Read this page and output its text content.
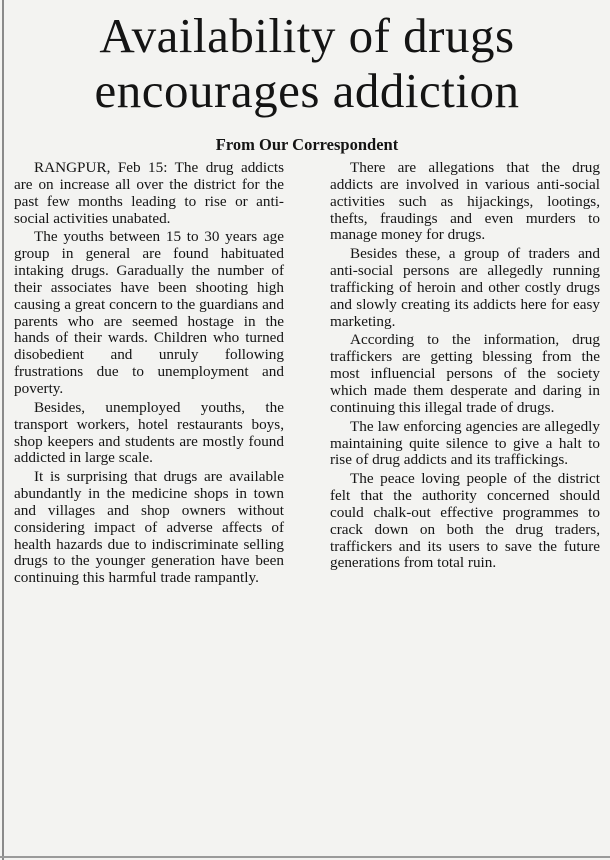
Availability of drugs
encourages addiction
From Our Correspondent

RANGPUR, Feb 15: The drug addicts are on increase all over the district for the past few months leading to rise or anti-social activities unabated.

The youths between 15 to 30 years age group in general are found habituated intaking drugs. Garadually the number of their associates have been shooting high causing a great concern to the guardians and parents who are seemed hostage in the hands of their wards. Children who turned disobedient and unruly following frustrations due to unemployment and poverty.

Besides, unemployed youths, the transport workers, hotel restaurants boys, shop keepers and students are mostly found addicted in large scale.

It is surprising that drugs are available abundantly in the medicine shops in town and villages and shop owners without considering impact of adverse affects of health hazards due to indiscriminate selling drugs to the younger generation have been continuing this harmful trade rampantly.

There are allegations that the drug addicts are involved in various anti-social activities such as hijackings, lootings, thefts, fraudings and even murders to manage money for drugs.

Besides these, a group of traders and anti-social persons are allegedly running trafficking of heroin and other costly drugs and slowly creating its addicts here for easy marketing.

According to the information, drug traffickers are getting blessing from the most influencial persons of the society which made them desperate and daring in continuing this illegal trade of drugs.

The law enforcing agencies are allegedly maintaining quite silence to give a halt to rise of drug addicts and its traffickings.

The peace loving people of the district felt that the authority concerned should could chalk-out effective programmes to crack down on both the drug traders, traffickers and its users to save the future generations from total ruin.
